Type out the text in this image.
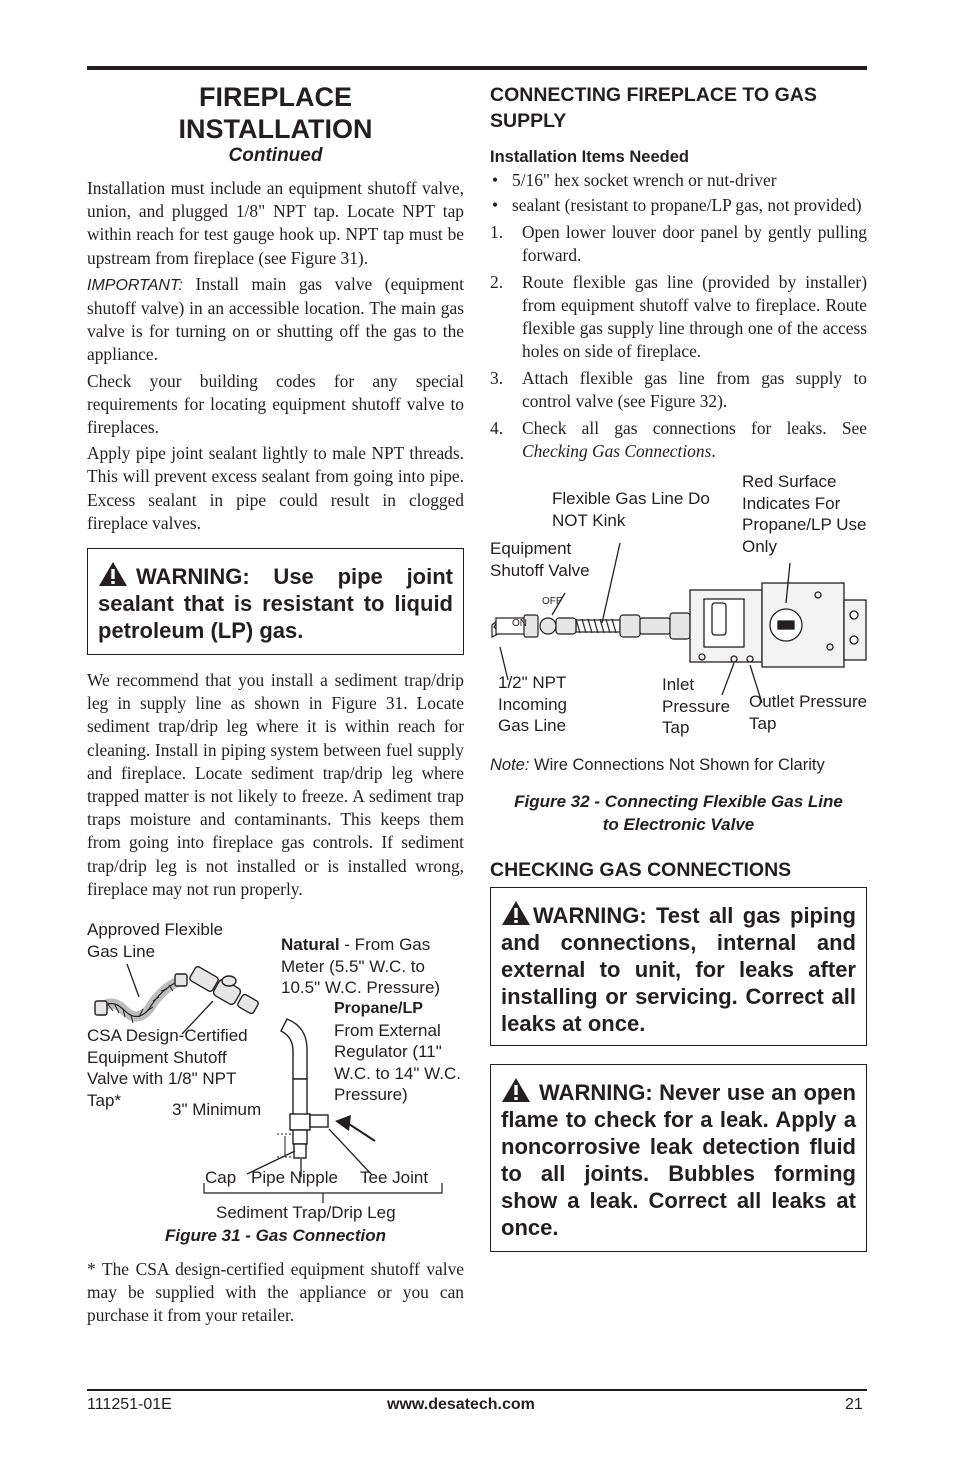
FIREPLACE
INSTALLATION
Continued

Installation must include an equipment shutoff valve, union, and plugged 1/8" NPT tap. Locate NPT tap within reach for test gauge hook up. NPT tap must be upstream from fireplace (see Figure 31).

IMPORTANT: Install main gas valve (equipment shutoff valve) in an accessible location. The main gas valve is for turning on or shutting off the gas to the appliance.

Check your building codes for any special requirements for locating equipment shutoff valve to fireplaces.

Apply pipe joint sealant lightly to male NPT threads. This will prevent excess sealant from going into pipe. Excess sealant in pipe could result in clogged fireplace valves.

WARNING: Use pipe joint sealant that is resistant to liquid petroleum (LP) gas.

We recommend that you install a sediment trap/drip leg in supply line as shown in Figure 31. Locate sediment trap/drip leg where it is within reach for cleaning. Install in piping system between fuel supply and fireplace. Locate sediment trap/drip leg where trapped matter is not likely to freeze. A sediment trap traps moisture and contaminants. This keeps them from going into fireplace gas controls. If sediment trap/drip leg is not installed or is installed wrong, fireplace may not run properly.

Approved Flexible Gas Line	Natural - From Gas Meter (5.5" W.C. to 10.5" W.C. Pressure)
Propane/LP
From External Regulator (11" W.C. to 14" W.C. Pressure)
CSA Design-Certified Equipment Shutoff Valve with 1/8" NPT Tap*	3" Minimum
Cap Pipe Nipple Tee Joint
Sediment Trap/Drip Leg
Figure 31 - Gas Connection

* The CSA design-certified equipment shutoff valve may be supplied with the appliance or you can purchase it from your retailer.

CONNECTING FIREPLACE TO GAS SUPPLY
Installation Items Needed
• 5/16" hex socket wrench or nut-driver
• sealant (resistant to propane/LP gas, not provided)
1. Open lower louver door panel by gently pulling forward.
2. Route flexible gas line (provided by installer) from equipment shutoff valve to fireplace. Route flexible gas supply line through one of the access holes on side of fireplace.
3. Attach flexible gas line from gas supply to control valve (see Figure 32).
4. Check all gas connections for leaks. See Checking Gas Connections.
Red Surface Indicates For Propane/LP Use Only
Flexible Gas Line Do NOT Kink
Equipment Shutoff Valve
OFF
ON
1/2" NPT Incoming Gas Line
Inlet Pressure Tap
Outlet Pressure Tap
Note: Wire Connections Not Shown for Clarity
Figure 32 - Connecting Flexible Gas Line
to Electronic Valve
CHECKING GAS CONNECTIONS
WARNING: Test all gas piping and connections, internal and external to unit, for leaks after installing or servicing. Correct all leaks at once.
WARNING: Never use an open flame to check for a leak. Apply a noncorrosive leak detection fluid to all joints. Bubbles forming show a leak. Correct all leaks at once.
111251-01E	www.desatech.com	21
